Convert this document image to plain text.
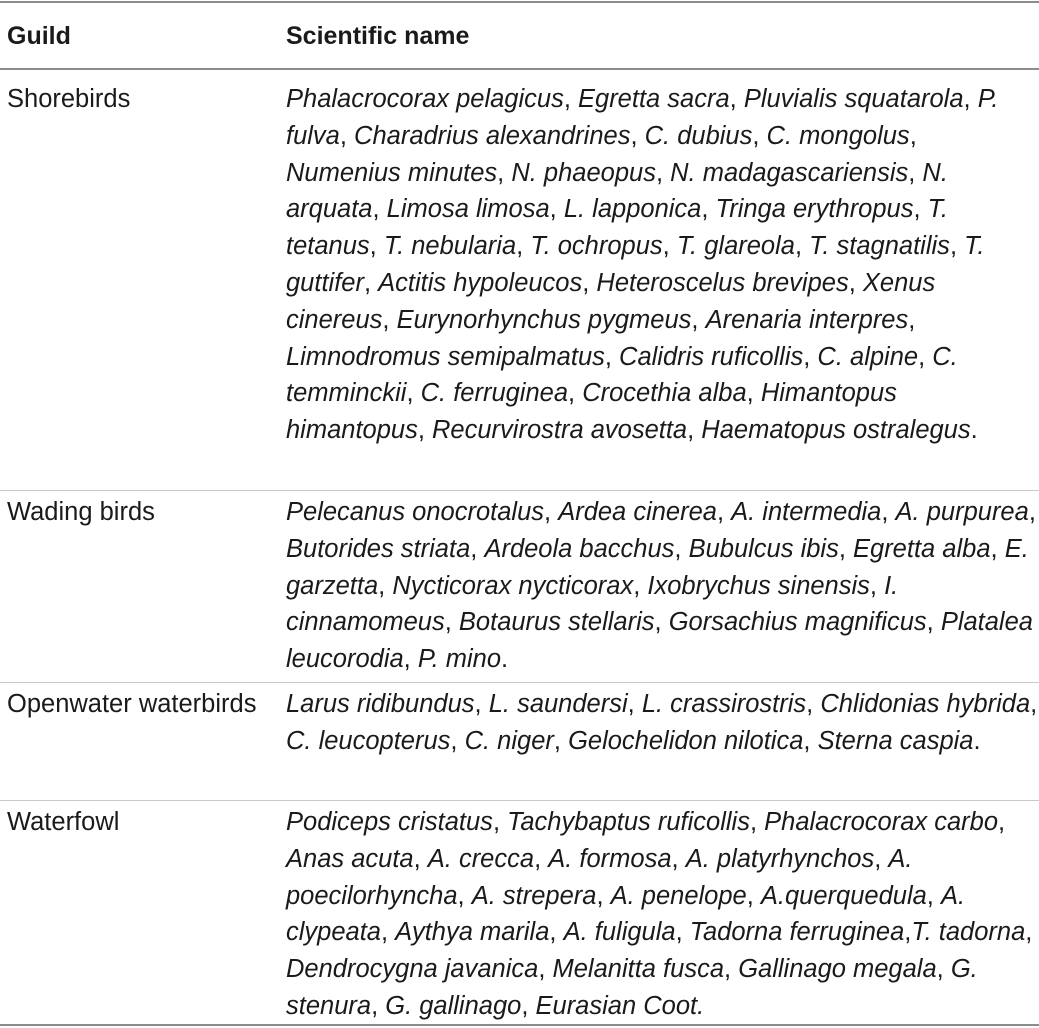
Guild	Scientific name
Shorebirds	Phalacrocorax pelagicus, Egretta sacra, Pluvialis squatarola, P. fulva, Charadrius alexandrines, C. dubius, C. mongolus, Numenius minutes, N. phaeopus, N. madagascariensis, N. arquata, Limosa limosa, L. lapponica, Tringa erythropus, T. tetanus, T. nebularia, T. ochropus, T. glareola, T. stagnatilis, T. guttifer, Actitis hypoleucos, Heteroscelus brevipes, Xenus cinereus, Eurynorhynchus pygmeus, Arenaria interpres, Limnodromus semipalmatus, Calidris ruficollis, C. alpine, C. temminckii, C. ferruginea, Crocethia alba, Himantopus himantopus, Recurvirostra avosetta, Haematopus ostralegus.
Wading birds	Pelecanus onocrotalus, Ardea cinerea, A. intermedia, A. purpurea, Butorides striata, Ardeola bacchus, Bubulcus ibis, Egretta alba, E. garzetta, Nycticorax nycticorax, Ixobrychus sinensis, I. cinnamomeus, Botaurus stellaris, Gorsachius magnificus, Platalea leucorodia, P. mino.
Openwater waterbirds	Larus ridibundus, L. saundersi, L. crassirostris, Chlidonias hybrida, C. leucopterus, C. niger, Gelochelidon nilotica, Sterna caspia.
Waterfowl	Podiceps cristatus, Tachybaptus ruficollis, Phalacrocorax carbo, Anas acuta, A. crecca, A. formosa, A. platyrhynchos, A. poecilorhyncha, A. strepera, A. penelope, A.querquedula, A. clypeata, Aythya marila, A. fuligula, Tadorna ferruginea,T. tadorna, Dendrocygna javanica, Melanitta fusca, Gallinago megala, G. stenura, G. gallinago, Eurasian Coot.
